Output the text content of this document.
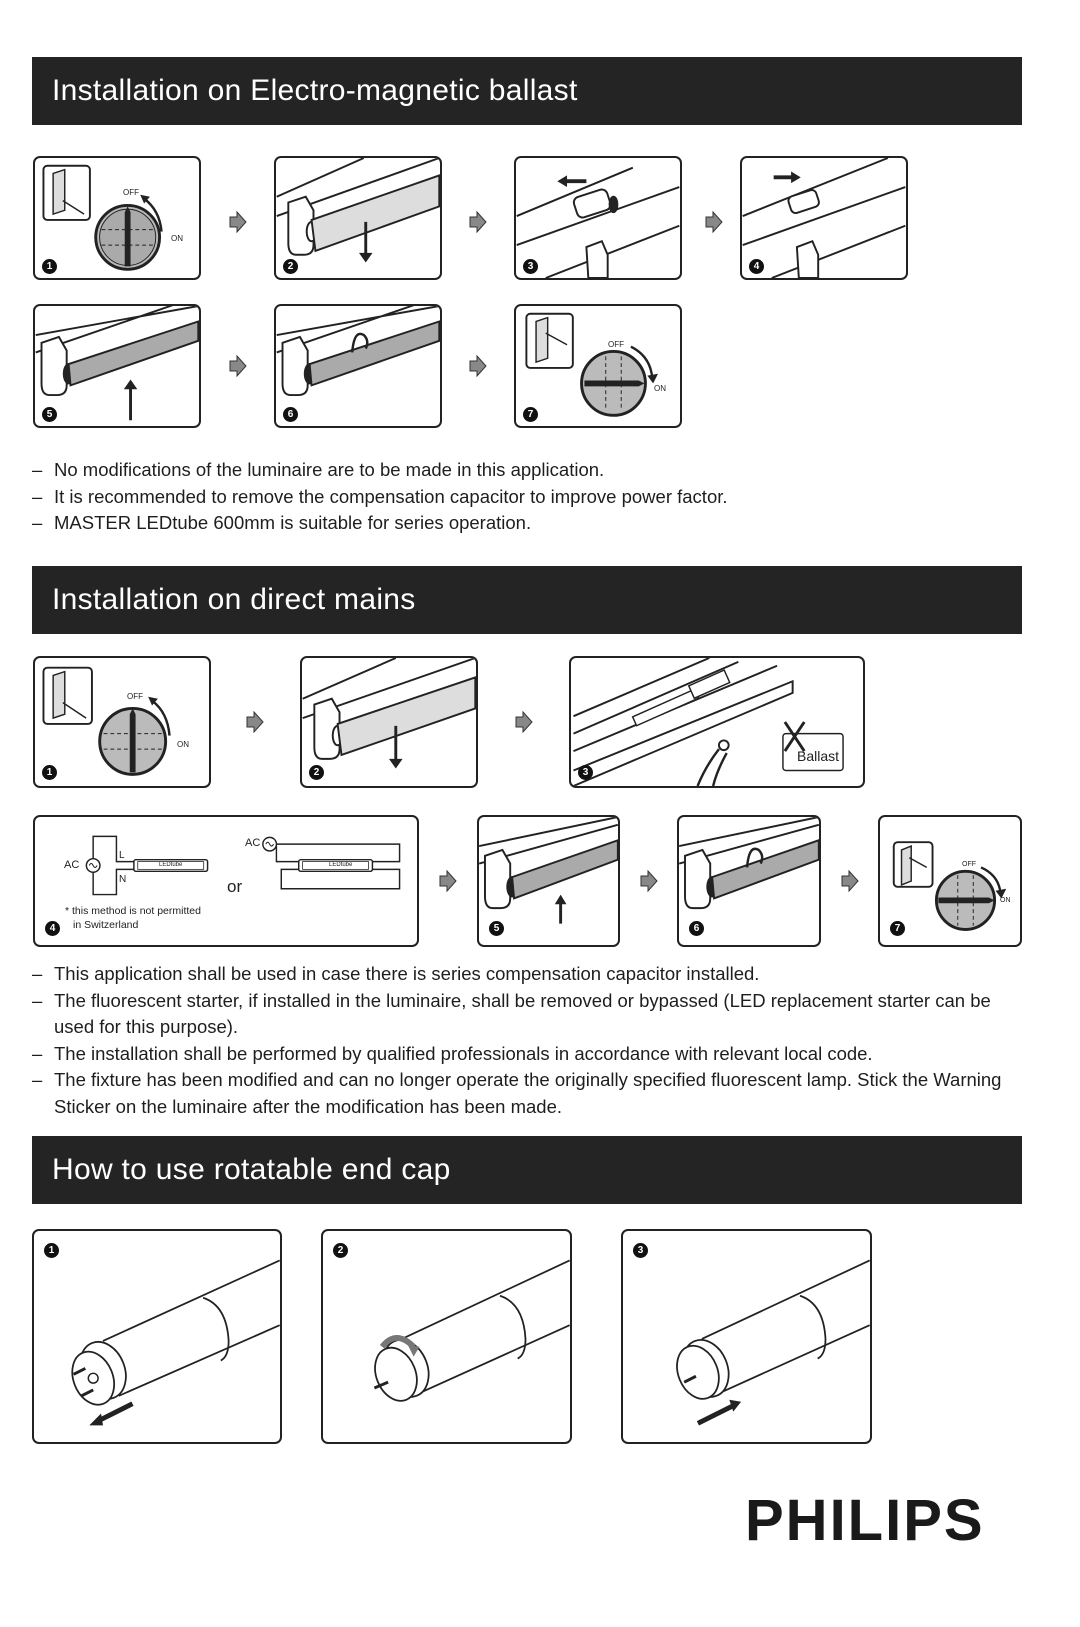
Installation on Electro-magnetic ballast
OFF
ON
1	2	3	4
5	6
OFF
ON
7
– No modifications of the luminaire are to be made in this application.
– It is recommended to remove the compensation capacitor to improve power factor.
– MASTER LEDtube 600mm is suitable for series operation.
Installation on direct mains
OFF
ON
1	2
Ballast
3
AC
L
N
LEDtube
AC
LEDtube
or
* this method is not permitted
in Switzerland
4	5	6
OFF
ON
7
– This application shall be used in case there is series compensation capacitor installed.
– The fluorescent starter, if installed in the luminaire, shall be removed or bypassed (LED replacement starter can be used for this purpose).
– The installation shall be performed by qualified professionals in accordance with relevant local code.
– The fixture has been modified and can no longer operate the originally specified fluorescent lamp. Stick the Warning Sticker on the luminaire after the modification has been made.
How to use rotatable end cap
1	2	3
PHILIPS
